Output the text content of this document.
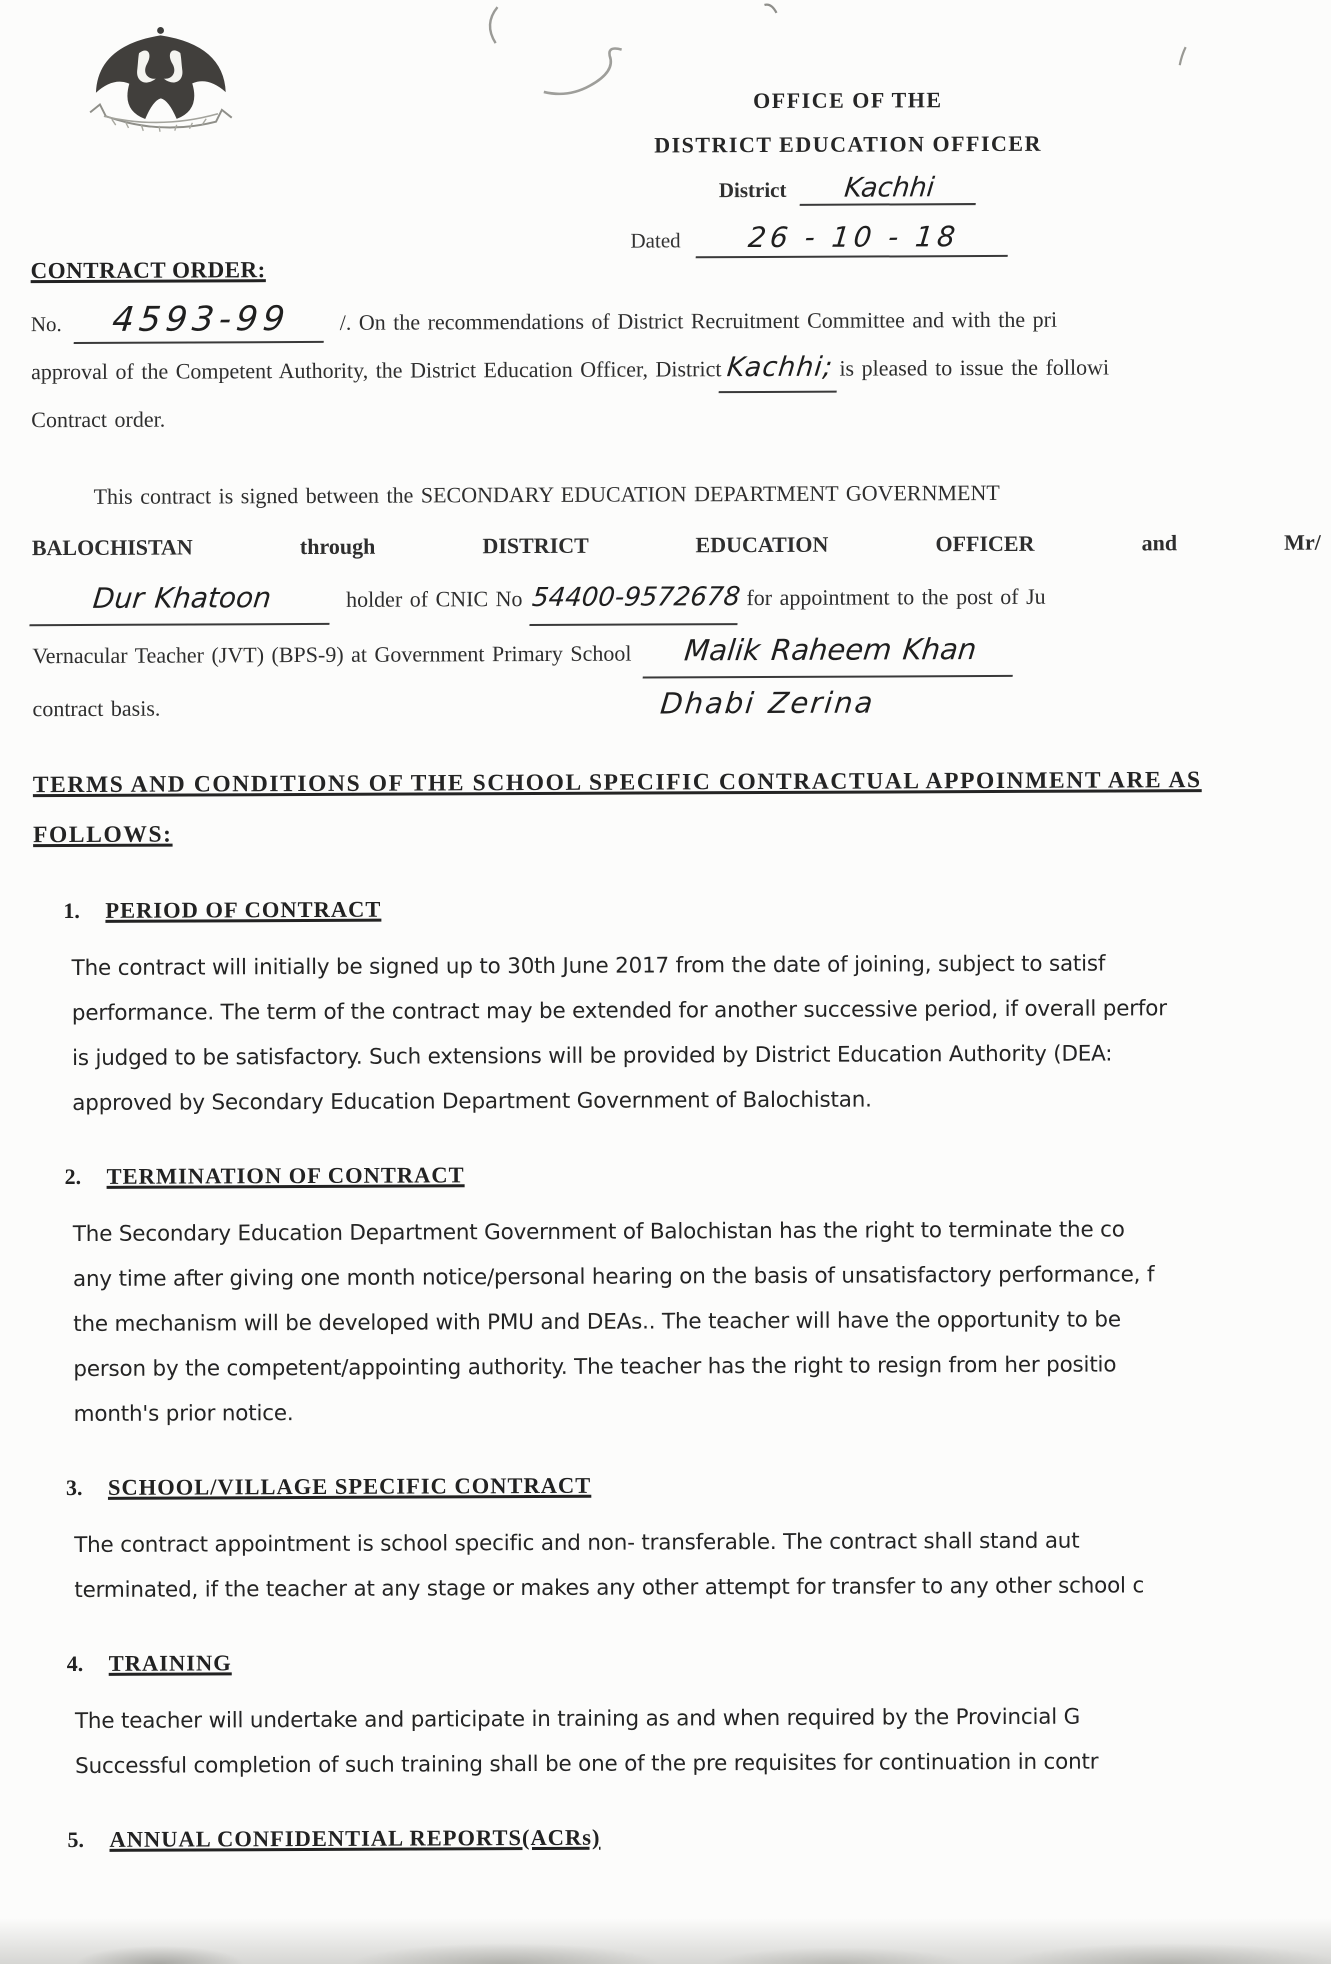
OFFICE OF THE
DISTRICT EDUCATION OFFICER
District Kachhi
Dated 26 - 10 - 18
CONTRACT ORDER:
No.	4593-99	/. On the recommendations of District Recruitment Committee and with the pri
approval of the Competent Authority, the District Education Officer, District Kachhi; is pleased to issue the followi
Contract order.
This contract is signed between the SECONDARY EDUCATION DEPARTMENT GOVERNMENT
BALOCHISTAN through DISTRICT EDUCATION OFFICER and Mr/
Dur Khatoon	holder of CNIC No 54400-9572678 for appointment to the post of Ju
Vernacular Teacher (JVT) (BPS-9) at Government Primary School	Malik Raheem Khan
contract basis.	Dhabi Zerina
TERMS AND CONDITIONS OF THE SCHOOL SPECIFIC CONTRACTUAL APPOINMENT ARE AS
FOLLOWS:
1.	PERIOD OF CONTRACT
The contract will initially be signed up to 30th June 2017 from the date of joining, subject to satisf
performance. The term of the contract may be extended for another successive period, if overall perfor
is judged to be satisfactory. Such extensions will be provided by District Education Authority (DEA:
approved by Secondary Education Department Government of Balochistan.
2.	TERMINATION OF CONTRACT
The Secondary Education Department Government of Balochistan has the right to terminate the co
any time after giving one month notice/personal hearing on the basis of unsatisfactory performance, f
the mechanism will be developed with PMU and DEAs.. The teacher will have the opportunity to be
person by the competent/appointing authority. The teacher has the right to resign from her positio
month's prior notice.
3.	SCHOOL/VILLAGE SPECIFIC CONTRACT
The contract appointment is school specific and non- transferable. The contract shall stand aut
terminated, if the teacher at any stage or makes any other attempt for transfer to any other school c
4.	TRAINING
The teacher will undertake and participate in training as and when required by the Provincial G
Successful completion of such training shall be one of the pre requisites for continuation in contr
5.	ANNUAL CONFIDENTIAL REPORTS(ACRs)
